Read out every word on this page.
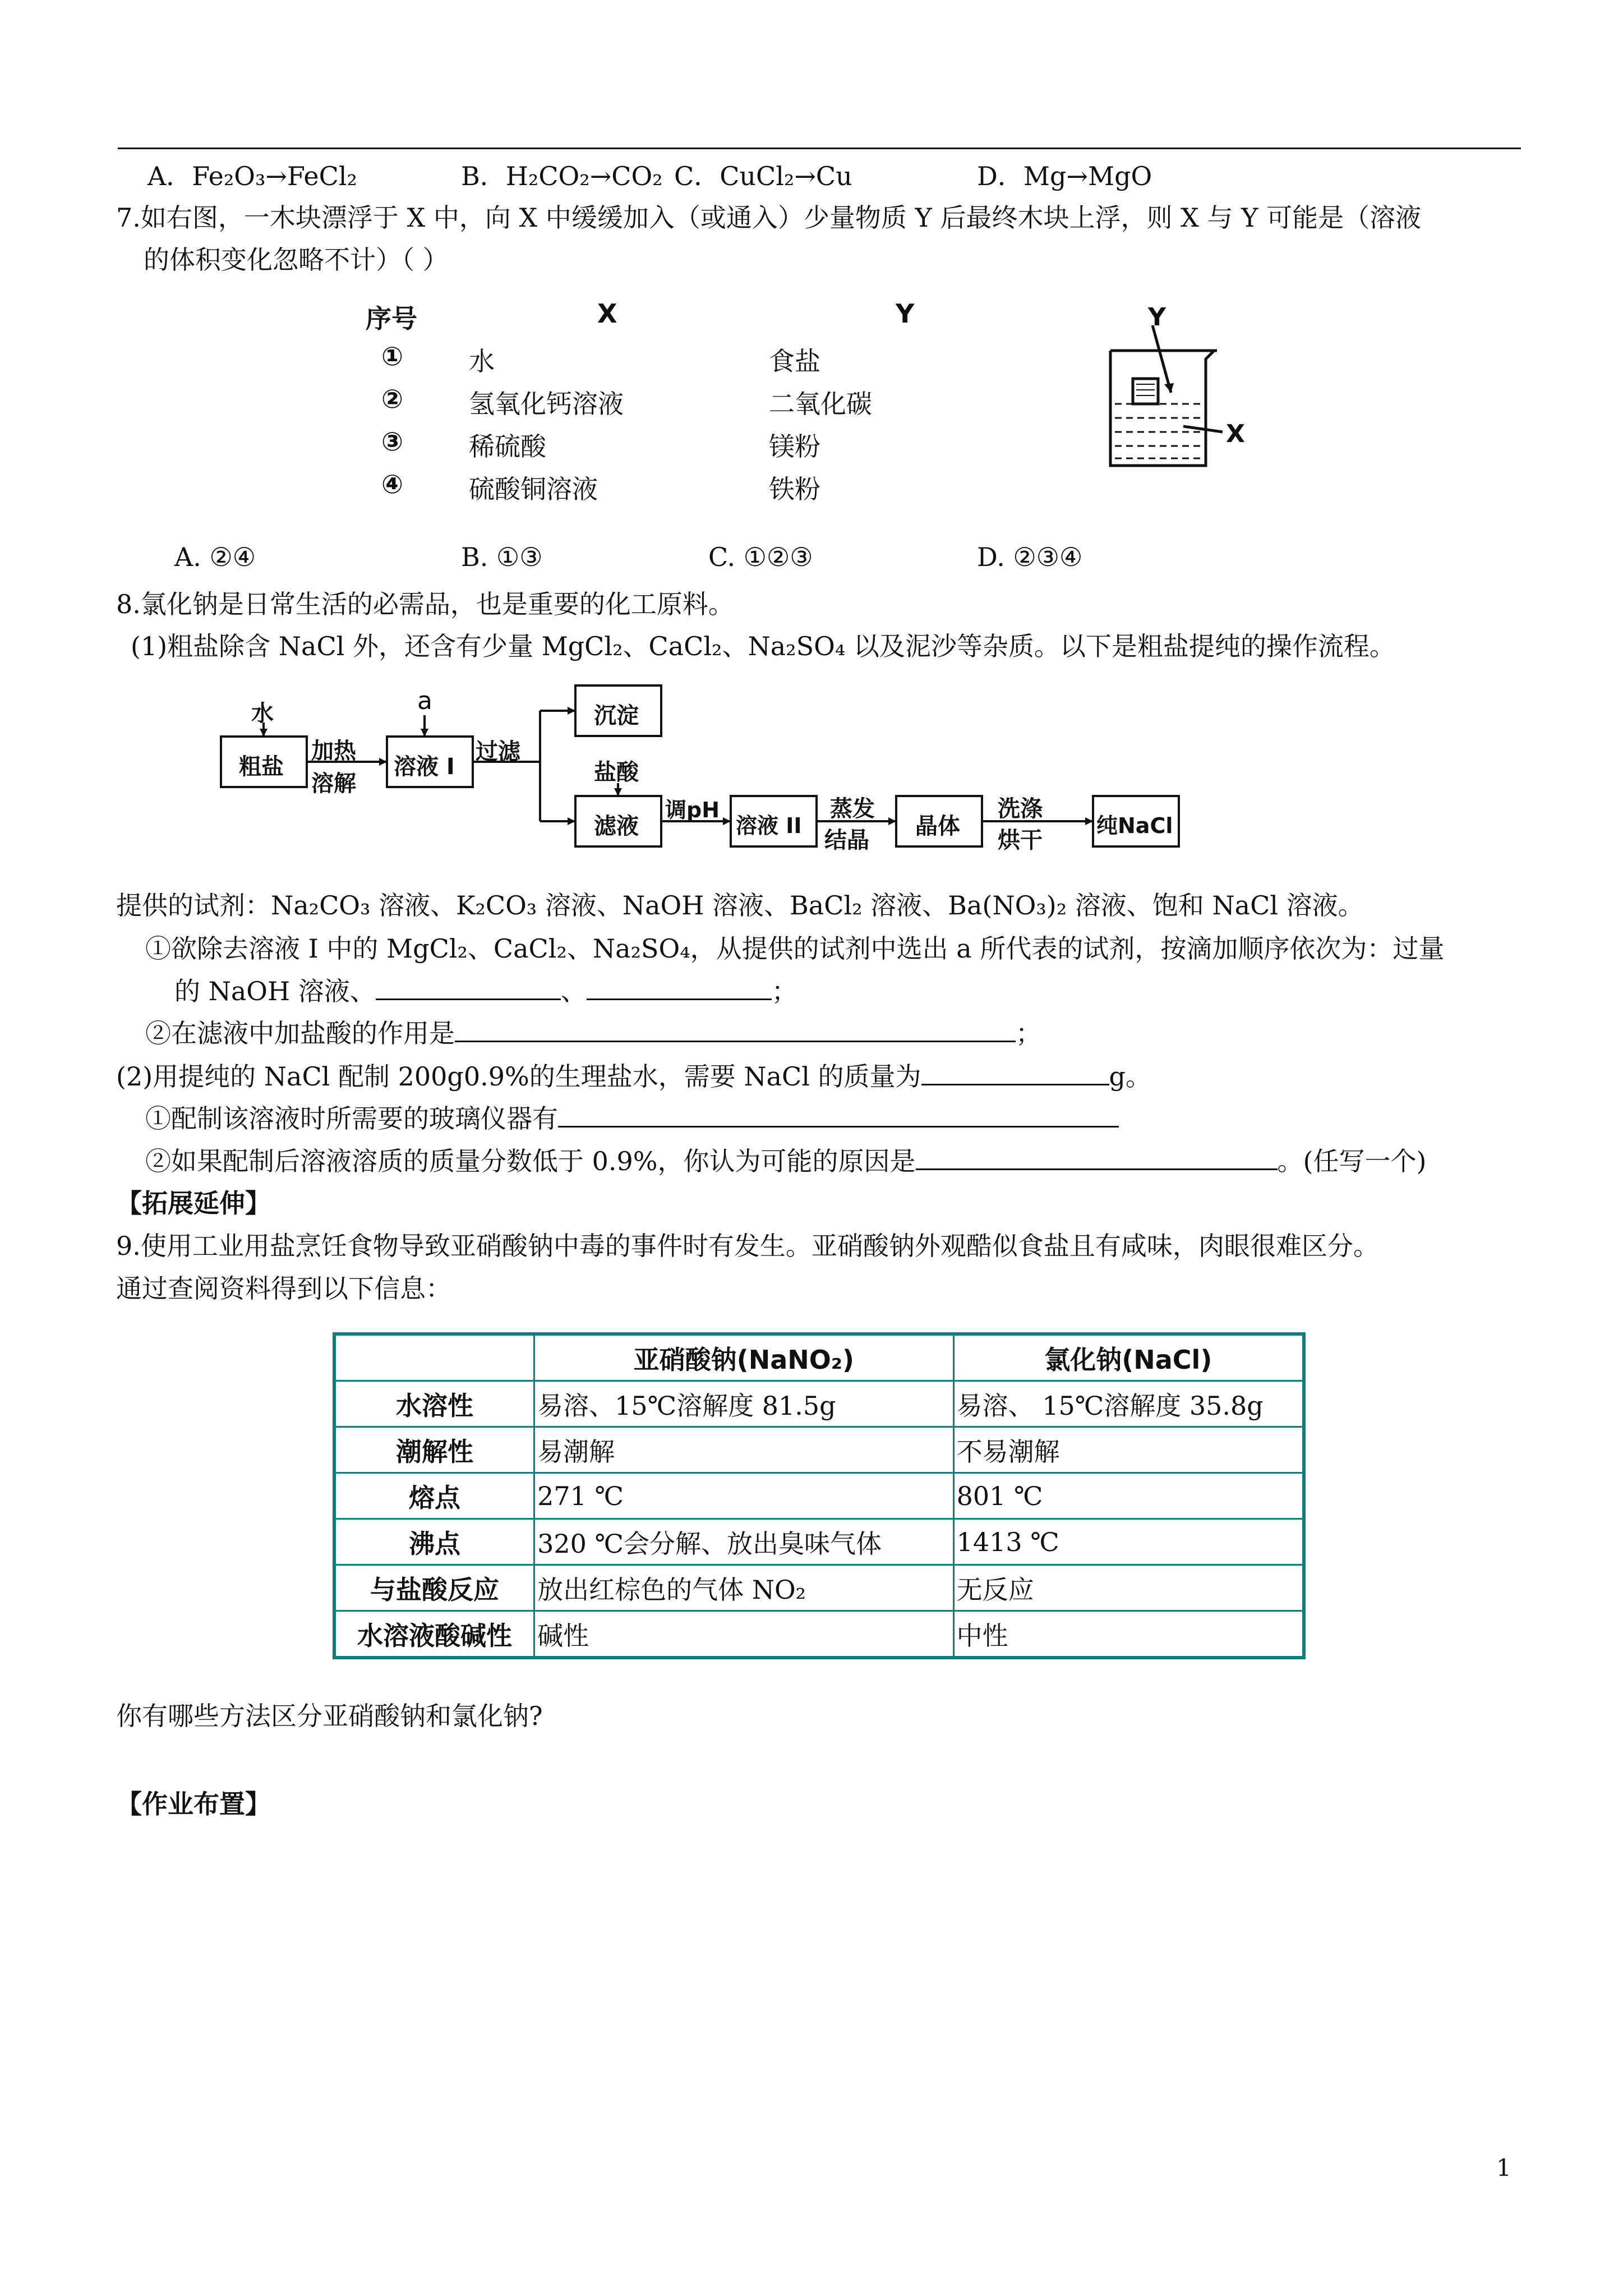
A．Fe₂O₃→FeCl₂	B．H₂CO₂→CO₂ C．CuCl₂→Cu	D．Mg→MgO
7.如右图，一木块漂浮于 X 中，向 X 中缓缓加入（或通入）少量物质 Y 后最终木块上浮，则 X 与 Y 可能是（溶液
的体积变化忽略不计）（ ）
序号	X	Y
①	水	食盐
②	氢氧化钙溶液	二氧化碳
③	稀硫酸	镁粉
④	硫酸铜溶液	铁粉
Y
X
A. ②④	B. ①③	C. ①②③	D. ②③④
8.氯化钠是日常生活的必需品，也是重要的化工原料。
(1)粗盐除含 NaCl 外，还含有少量 MgCl₂、CaCl₂、Na₂SO₄ 以及泥沙等杂质。以下是粗盐提纯的操作流程。
水	a
粗盐
加热
溶解
溶液 I
过滤
沉淀
盐酸
滤液
调pH
溶液 II
蒸发
结晶
晶体
洗涤
烘干
纯NaCl
提供的试剂：Na₂CO₃ 溶液、K₂CO₃ 溶液、NaOH 溶液、BaCl₂ 溶液、Ba(NO₃)₂ 溶液、饱和 NaCl 溶液。
①欲除去溶液 I 中的 MgCl₂、CaCl₂、Na₂SO₄，从提供的试剂中选出 a 所代表的试剂，按滴加顺序依次为：过量
的 NaOH 溶液、	、	；
②在滤液中加盐酸的作用是	；
(2)用提纯的 NaCl 配制 200g0.9%的生理盐水，需要 NaCl 的质量为	g。
①配制该溶液时所需要的玻璃仪器有
②如果配制后溶液溶质的质量分数低于 0.9%，你认为可能的原因是	。(任写一个)
【拓展延伸】
9.使用工业用盐烹饪食物导致亚硝酸钠中毒的事件时有发生。亚硝酸钠外观酷似食盐且有咸味，肉眼很难区分。
通过查阅资料得到以下信息：
	亚硝酸钠(NaNO₂)	氯化钠(NaCl)
水溶性	易溶、15℃溶解度 81.5g	易溶、 15℃溶解度 35.8g
潮解性	易潮解	不易潮解
熔点	271 ℃	801 ℃
沸点	320 ℃会分解、放出臭味气体	1413 ℃
与盐酸反应	放出红棕色的气体 NO₂	无反应
水溶液酸碱性	碱性	中性
你有哪些方法区分亚硝酸钠和氯化钠?
【作业布置】
1
